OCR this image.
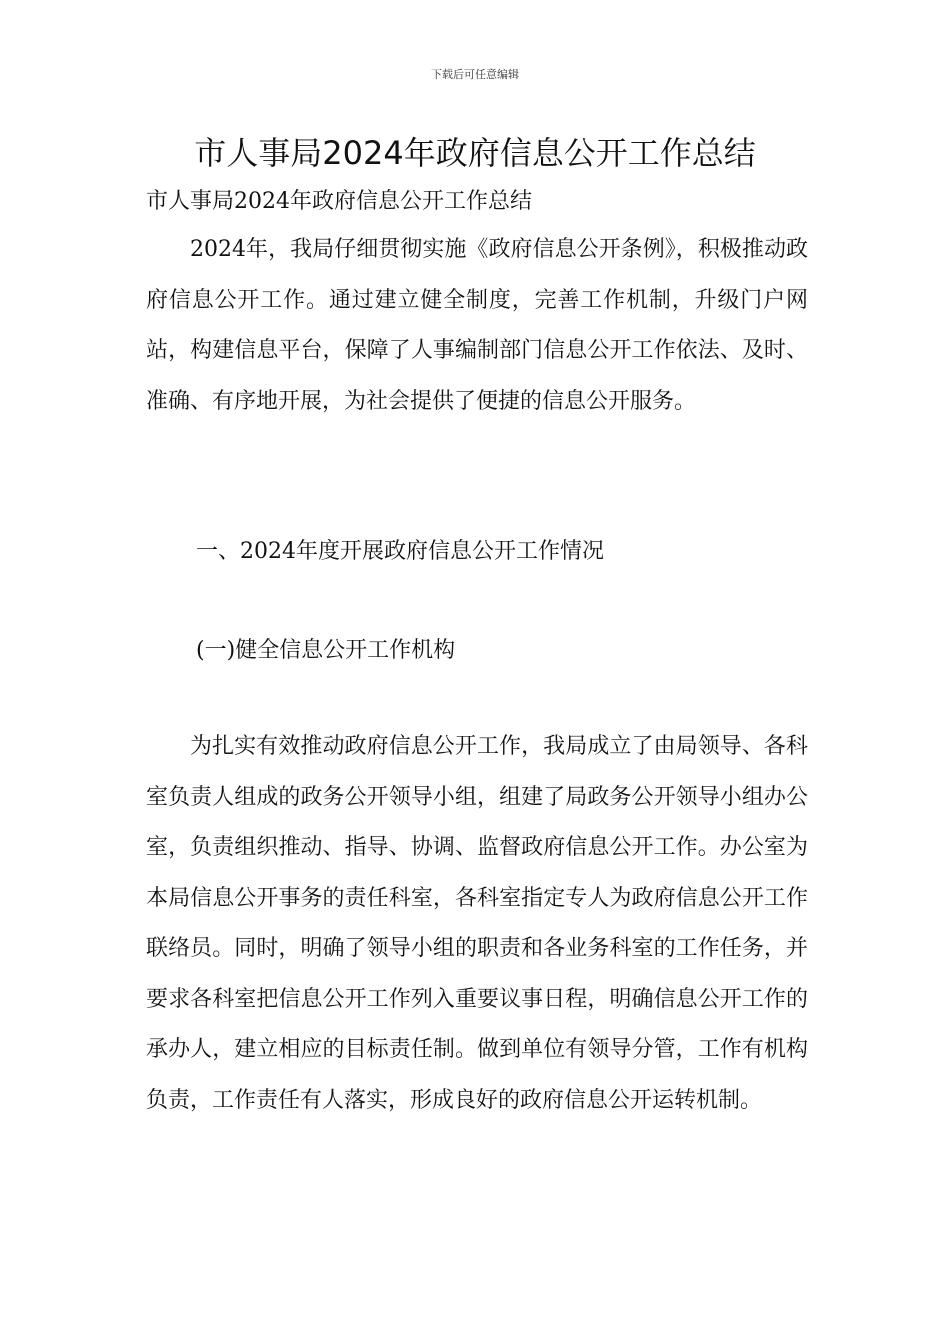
下载后可任意编辑
市人事局2024年政府信息公开工作总结
市人事局2024年政府信息公开工作总结

2024年，我局仔细贯彻实施《政府信息公开条例》，积极推动政府信息公开工作。通过建立健全制度，完善工作机制，升级门户网站，构建信息平台，保障了人事编制部门信息公开工作依法、及时、准确、有序地开展，为社会提供了便捷的信息公开服务。

一、2024年度开展政府信息公开工作情况

(一)健全信息公开工作机构

为扎实有效推动政府信息公开工作，我局成立了由局领导、各科室负责人组成的政务公开领导小组，组建了局政务公开领导小组办公室，负责组织推动、指导、协调、监督政府信息公开工作。办公室为本局信息公开事务的责任科室，各科室指定专人为政府信息公开工作联络员。同时，明确了领导小组的职责和各业务科室的工作任务，并要求各科室把信息公开工作列入重要议事日程，明确信息公开工作的承办人，建立相应的目标责任制。做到单位有领导分管，工作有机构负责，工作责任有人落实，形成良好的政府信息公开运转机制。
